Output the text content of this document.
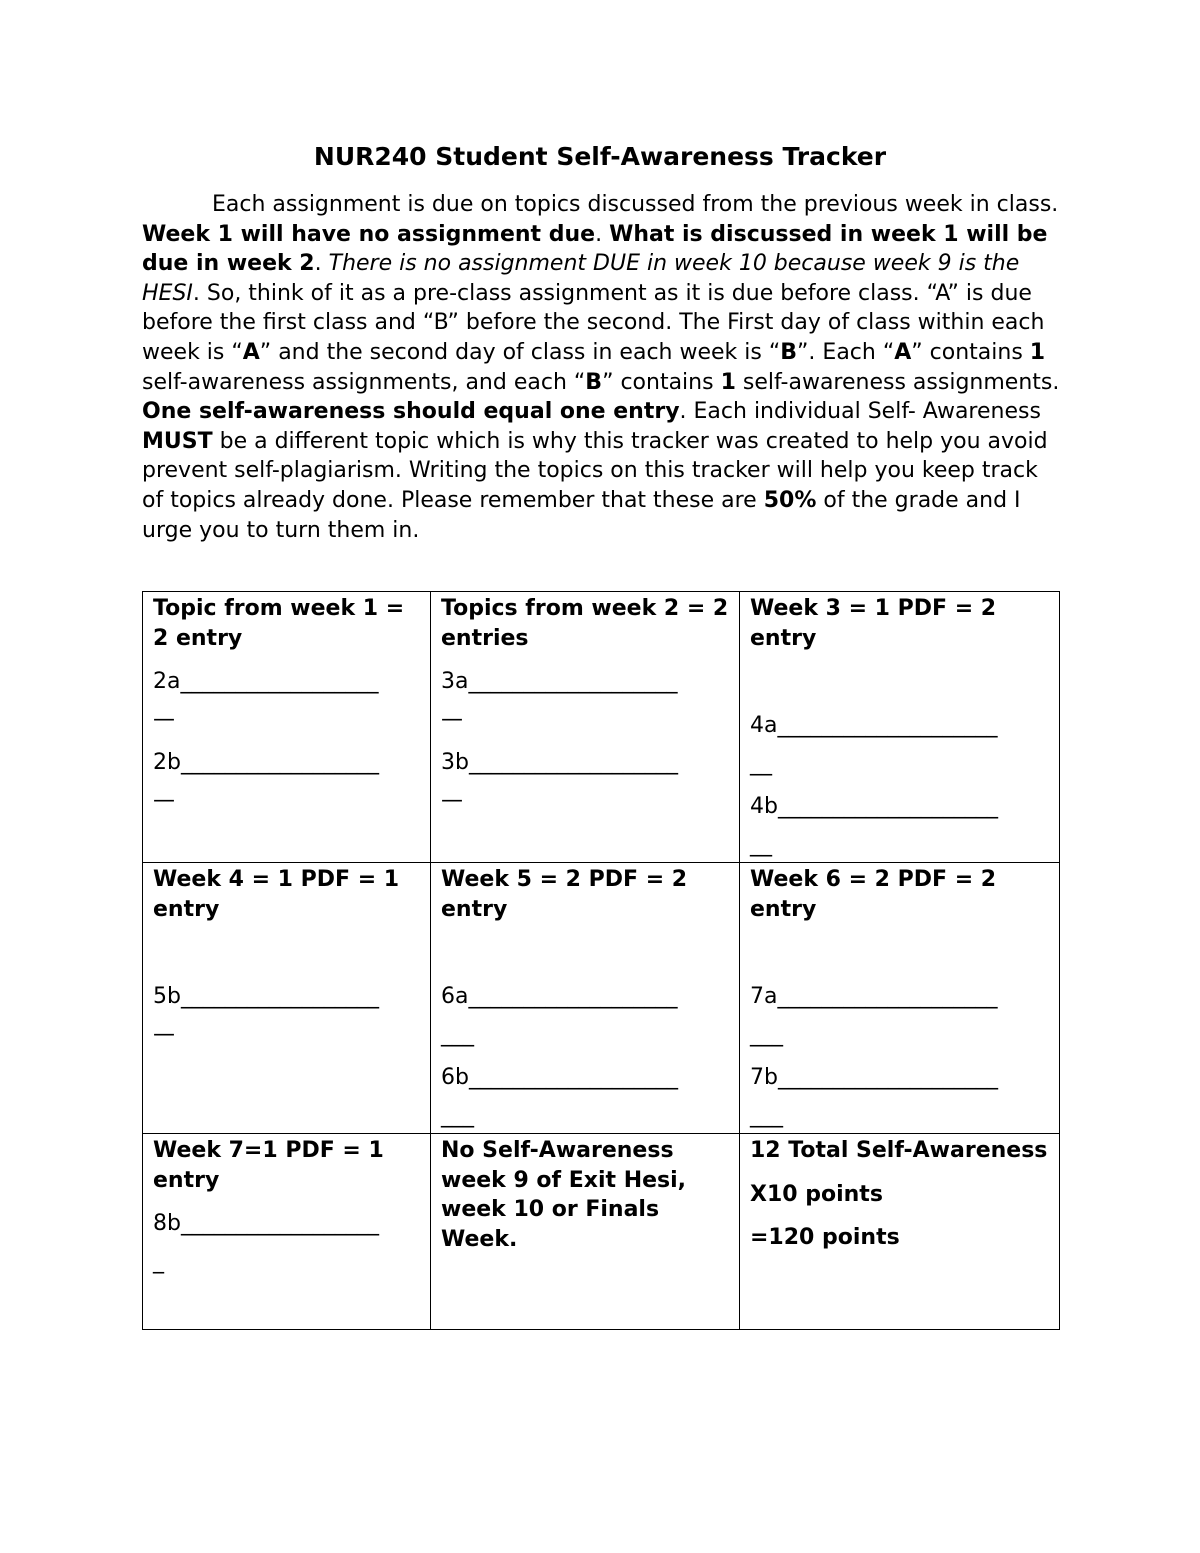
NUR240 Student Self-Awareness Tracker

Each assignment is due on topics discussed from the previous week in class. Week 1 will have no assignment due. What is discussed in week 1 will be due in week 2. There is no assignment DUE in week 10 because week 9 is the HESI. So, think of it as a pre-class assignment as it is due before class. “A” is due before the first class and “B” before the second. The First day of class within each week is “A” and the second day of class in each week is “B”. Each “A” contains 1 self-awareness assignments, and each “B” contains 1 self-awareness assignments. One self-awareness should equal one entry. Each individual Self- Awareness MUST be a different topic which is why this tracker was created to help you avoid prevent self-plagiarism. Writing the topics on this tracker will help you keep track of topics already done. Please remember that these are 50% of the grade and I urge you to turn them in.

Topic from week 1 = 2 entry
2a__________________
—
2b__________________
—	Topics from week 2 = 2 entries
3a___________________
—
3b___________________
—	Week 3 = 1 PDF = 2 entry
4a____________________
__
4b____________________
__

Week 4 = 1 PDF = 1 entry
5b__________________
—	Week 5 = 2 PDF = 2 entry
6a___________________
___
6b___________________
___	Week 6 = 2 PDF = 2 entry
7a____________________
___
7b____________________
___

Week 7=1 PDF = 1 entry
8b__________________
_	No Self-Awareness week 9 of Exit Hesi, week 10 or Finals Week.	12 Total Self-Awareness
X10 points
=120 points
